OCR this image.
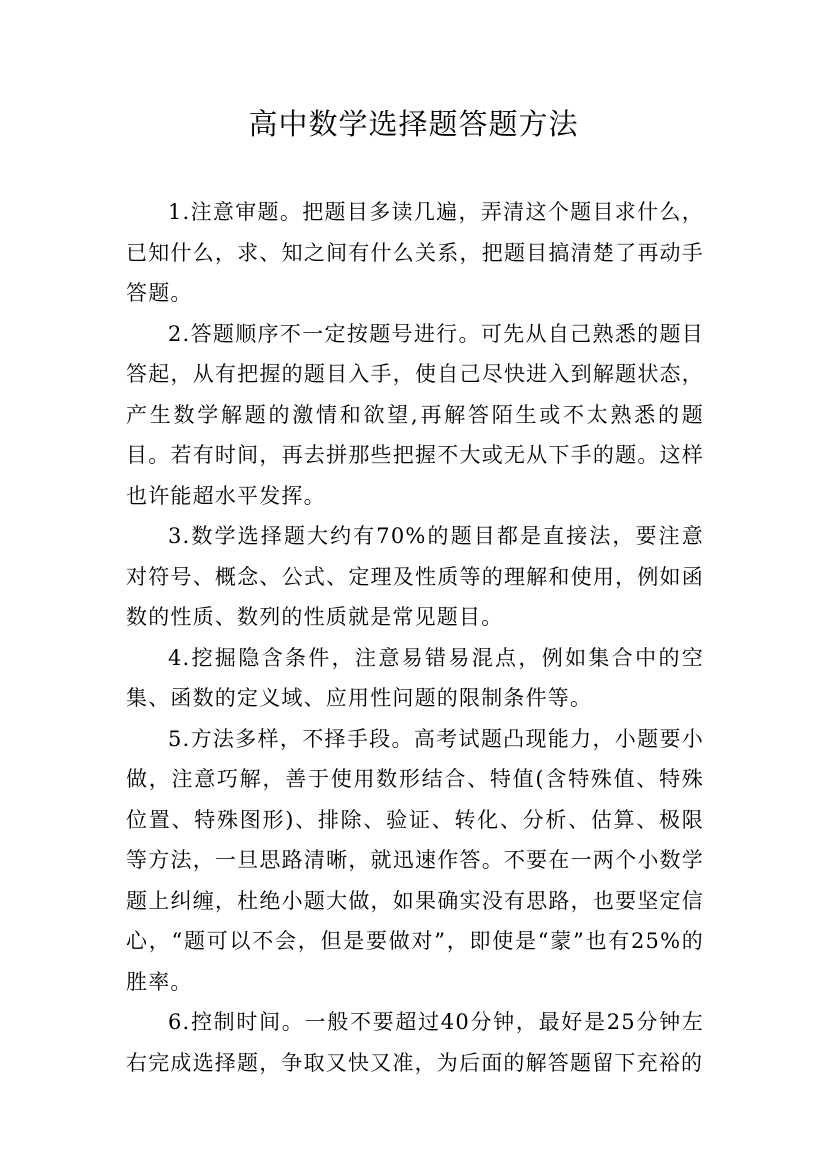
高中数学选择题答题方法

1.注意审题。把题目多读几遍，弄清这个题目求什么，已知什么，求、知之间有什么关系，把题目搞清楚了再动手答题。

2.答题顺序不一定按题号进行。可先从自己熟悉的题目答起，从有把握的题目入手，使自己尽快进入到解题状态，产生数学解题的激情和欲望,再解答陌生或不太熟悉的题目。若有时间，再去拼那些把握不大或无从下手的题。这样也许能超水平发挥。

3.数学选择题大约有70%的题目都是直接法，要注意对符号、概念、公式、定理及性质等的理解和使用，例如函数的性质、数列的性质就是常见题目。

4.挖掘隐含条件，注意易错易混点，例如集合中的空集、函数的定义域、应用性问题的限制条件等。

5.方法多样，不择手段。高考试题凸现能力，小题要小做，注意巧解，善于使用数形结合、特值(含特殊值、特殊位置、特殊图形)、排除、验证、转化、分析、估算、极限等方法，一旦思路清晰，就迅速作答。不要在一两个小数学题上纠缠，杜绝小题大做，如果确实没有思路，也要坚定信心，“题可以不会，但是要做对”，即使是“蒙”也有25%的胜率。

6.控制时间。一般不要超过40分钟，最好是25分钟左右完成选择题，争取又快又准，为后面的解答题留下充裕的
